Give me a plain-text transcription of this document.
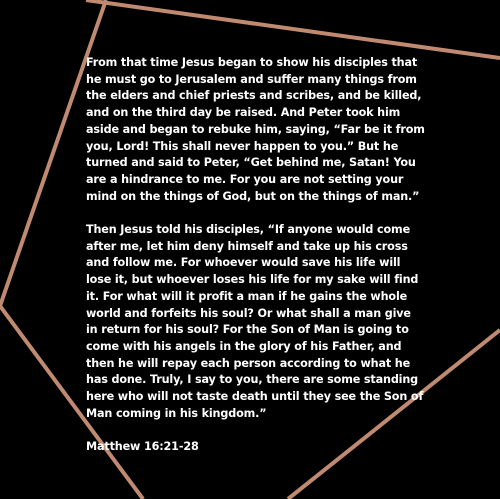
From that time Jesus began to show his disciples that he must go to Jerusalem and suffer many things from the elders and chief priests and scribes, and be killed, and on the third day be raised. And Peter took him aside and began to rebuke him, saying, “Far be it from you, Lord! This shall never happen to you.” But he turned and said to Peter, “Get behind me, Satan! You are a hindrance to me. For you are not setting your mind on the things of God, but on the things of man.”

Then Jesus told his disciples, “If anyone would come after me, let him deny himself and take up his cross and follow me. For whoever would save his life will lose it, but whoever loses his life for my sake will find it. For what will it profit a man if he gains the whole world and forfeits his soul? Or what shall a man give in return for his soul? For the Son of Man is going to come with his angels in the glory of his Father, and then he will repay each person according to what he has done. Truly, I say to you, there are some standing here who will not taste death until they see the Son of Man coming in his kingdom.”

Matthew 16:21-28
